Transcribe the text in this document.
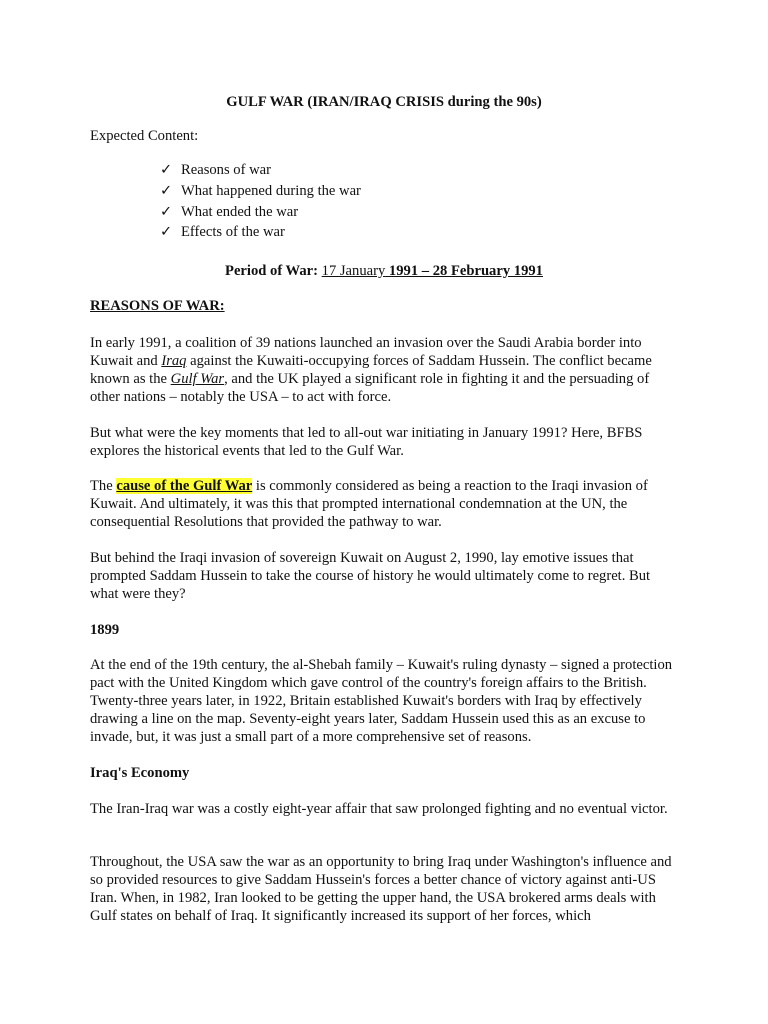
GULF WAR (IRAN/IRAQ CRISIS during the 90s)

Expected Content:

✓ Reasons of war
✓ What happened during the war
✓ What ended the war
✓ Effects of the war

Period of War: 17 January 1991 – 28 February 1991

REASONS OF WAR:

In early 1991, a coalition of 39 nations launched an invasion over the Saudi Arabia border into Kuwait and Iraq against the Kuwaiti-occupying forces of Saddam Hussein. The conflict became known as the Gulf War, and the UK played a significant role in fighting it and the persuading of other nations – notably the USA – to act with force.

But what were the key moments that led to all-out war initiating in January 1991? Here, BFBS explores the historical events that led to the Gulf War.

The cause of the Gulf War is commonly considered as being a reaction to the Iraqi invasion of Kuwait. And ultimately, it was this that prompted international condemnation at the UN, the consequential Resolutions that provided the pathway to war.

But behind the Iraqi invasion of sovereign Kuwait on August 2, 1990, lay emotive issues that prompted Saddam Hussein to take the course of history he would ultimately come to regret. But what were they?

1899

At the end of the 19th century, the al-Shebah family – Kuwait's ruling dynasty – signed a protection pact with the United Kingdom which gave control of the country's foreign affairs to the British. Twenty-three years later, in 1922, Britain established Kuwait's borders with Iraq by effectively drawing a line on the map. Seventy-eight years later, Saddam Hussein used this as an excuse to invade, but, it was just a small part of a more comprehensive set of reasons.

Iraq's Economy

The Iran-Iraq war was a costly eight-year affair that saw prolonged fighting and no eventual victor.

Throughout, the USA saw the war as an opportunity to bring Iraq under Washington's influence and so provided resources to give Saddam Hussein's forces a better chance of victory against anti-US Iran. When, in 1982, Iran looked to be getting the upper hand, the USA brokered arms deals with Gulf states on behalf of Iraq. It significantly increased its support of her forces, which
